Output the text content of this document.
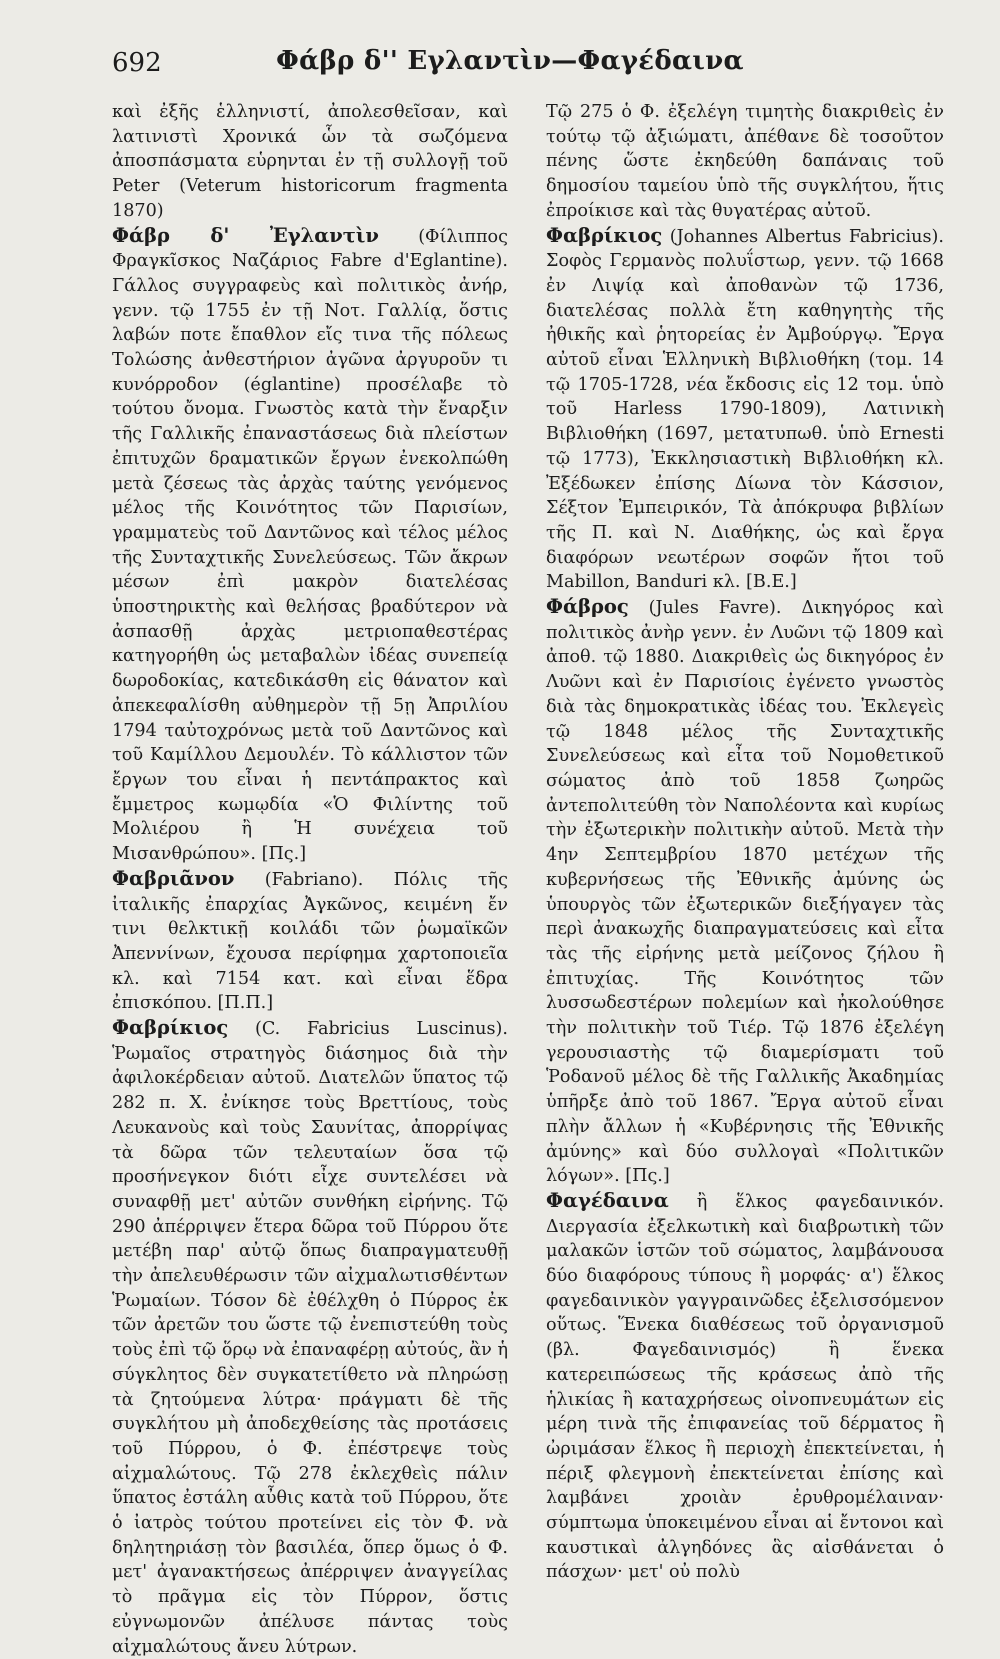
692	Φάβρ δ'' Εγλαντὶν—Φαγέδαινα

καὶ ἐξῆς ἑλληνιστί, ἀπολεσθεῖσαν, καὶ λατινιστὶ Χρονικά ὧν τὰ σωζόμενα ἀποσπάσματα εὑρηνται ἐν τῇ συλλογῇ τοῦ Peter (Veterum historicorum fragmenta 1870)

Φάβρ δ' Ἐγλαντὶν (Φίλιππος Φραγκῖσκος Ναζάριος Fabre d'Eglantine). Γάλλος συγγραφεὺς καὶ πολιτικὸς ἀνήρ, γενν. τῷ 1755 ἐν τῇ Νοτ. Γαλλίᾳ, ὅστις λαβών ποτε ἔπαθλον εἴς τινα τῆς πόλεως Τολώσης ἀνθεστήριον ἀγῶνα ἀργυροῦν τι κυνόρροδον (églantine) προσέλαβε τὸ τούτου ὄνομα. Γνωστὸς κατὰ τὴν ἔναρξιν τῆς Γαλλικῆς ἐπαναστάσεως διὰ πλείστων ἐπιτυχῶν δραματικῶν ἔργων ἐνεκολπώθη μετὰ ζέσεως τὰς ἀρχὰς ταύτης γενόμενος μέλος τῆς Κοινότητος τῶν Παρισίων, γραμματεὺς τοῦ Δαντῶνος καὶ τέλος μέλος τῆς Συνταχτικῆς Συνελεύσεως. Τῶν ἄκρων μέσων ἐπὶ μακρὸν διατελέσας ὑποστηρικτὴς καὶ θελήσας βραδύτερον νὰ ἀσπασθῇ ἀρχὰς μετριοπαθεστέρας κατηγορήθη ὡς μεταβαλὼν ἰδέας συνεπείᾳ δωροδοκίας, κατεδικάσθη εἰς θάνατον καὶ ἀπεκεφαλίσθη αὐθημερὸν τῇ 5ῃ Ἀπριλίου 1794 ταὐτοχρόνως μετὰ τοῦ Δαντῶνος καὶ τοῦ Καμίλλου Δεμουλέν. Τὸ κάλλιστον τῶν ἔργων του εἶναι ἡ πεντάπρακτος καὶ ἔμμετρος κωμῳδία «Ὁ Φιλίντης τοῦ Μολιέρου ἢ Ἡ συνέχεια τοῦ Μισανθρώπου». [Πς.]

Φαβριᾶνον (Fabriano). Πόλις τῆς ἰταλικῆς ἐπαρχίας Ἀγκῶνος, κειμένη ἔν τινι θελκτικῇ κοιλάδι τῶν ῥωμαϊκῶν Ἀπεννίνων, ἔχουσα περίφημα χαρτοποιεῖα κλ. καὶ 7154 κατ. καὶ εἶναι ἕδρα ἐπισκόπου. [Π.Π.]

Φαβρίκιος (C. Fabricius Luscinus). Ῥωμαῖος στρατηγὸς διάσημος διὰ τὴν ἀφιλοκέρδειαν αὐτοῦ. Διατελῶν ὕπατος τῷ 282 π. Χ. ἐνίκησε τοὺς Βρεττίους, τοὺς Λευκανοὺς καὶ τοὺς Σαυνίτας, ἀπορρίψας τὰ δῶρα τῶν τελευταίων ὅσα τῷ προσήνεγκον διότι εἶχε συντελέσει νὰ συναφθῇ μετ' αὐτῶν συνθήκη εἰρήνης. Τῷ 290 ἀπέρριψεν ἕτερα δῶρα τοῦ Πύρρου ὅτε μετέβη παρ' αὐτῷ ὅπως διαπραγματευθῇ τὴν ἀπελευθέρωσιν τῶν αἰχμαλωτισθέντων Ῥωμαίων. Τόσον δὲ ἐθέλχθη ὁ Πύρρος ἐκ τῶν ἀρετῶν του ὥστε τῷ ἐνεπιστεύθη τοὺς τοὺς ἐπὶ τῷ ὅρῳ νὰ ἐπαναφέρῃ αὐτούς, ἂν ἡ σύγκλητος δὲν συγκατετίθετο νὰ πληρώσῃ τὰ ζητούμενα λύτρα· πράγματι δὲ τῆς συγκλήτου μὴ ἀποδεχθείσης τὰς προτάσεις τοῦ Πύρρου, ὁ Φ. ἐπέστρεψε τοὺς αἰχμαλώτους. Τῷ 278 ἐκλεχθεὶς πάλιν ὕπατος ἐστάλη αὖθις κατὰ τοῦ Πύρρου, ὅτε ὁ ἰατρὸς τούτου προτείνει εἰς τὸν Φ. νὰ δηλητηριάσῃ τὸν βασιλέα, ὅπερ ὅμως ὁ Φ. μετ' ἀγανακτήσεως ἀπέρριψεν ἀναγγείλας τὸ πρᾶγμα εἰς τὸν Πύρρον, ὅστις εὐγνωμονῶν ἀπέλυσε πάντας τοὺς αἰχμαλώτους ἄνευ λύτρων.

Τῷ 275 ὁ Φ. ἐξελέγη τιμητὴς διακριθεὶς ἐν τούτῳ τῷ ἀξιώματι, ἀπέθανε δὲ τοσοῦτον πένης ὥστε ἐκηδεύθη δαπάναις τοῦ δημοσίου ταμείου ὑπὸ τῆς συγκλήτου, ἥτις ἐπροίκισε καὶ τὰς θυγατέρας αὐτοῦ.

Φαβρίκιος (Johannes Albertus Fabricius). Σοφὸς Γερμανὸς πολυΐστωρ, γενν. τῷ 1668 ἐν Λιψίᾳ καὶ ἀποθανὼν τῷ 1736, διατελέσας πολλὰ ἔτη καθηγητὴς τῆς ἠθικῆς καὶ ῥητορείας ἐν Ἀμβούργῳ. Ἔργα αὐτοῦ εἶναι Ἑλληνικὴ Βιβλιοθήκη (τομ. 14 τῷ 1705-1728, νέα ἔκδοσις εἰς 12 τομ. ὑπὸ τοῦ Harless 1790-1809), Λατινικὴ Βιβλιοθήκη (1697, μετατυπωθ. ὑπὸ Ernesti τῷ 1773), Ἐκκλησιαστικὴ Βιβλιοθήκη κλ. Ἐξέδωκεν ἐπίσης Δίωνα τὸν Κάσσιον, Σέξτον Ἐμπειρικόν, Τὰ ἀπόκρυφα βιβλίων τῆς Π. καὶ Ν. Διαθήκης, ὡς καὶ ἔργα διαφόρων νεωτέρων σοφῶν ἤτοι τοῦ Mabillon, Banduri κλ. [Β.Ε.]

Φάβρος (Jules Favre). Δικηγόρος καὶ πολιτικὸς ἀνὴρ γενν. ἐν Λυῶνι τῷ 1809 καὶ ἀποθ. τῷ 1880. Διακριθεὶς ὡς δικηγόρος ἐν Λυῶνι καὶ ἐν Παρισίοις ἐγένετο γνωστὸς διὰ τὰς δημοκρατικὰς ἰδέας του. Ἐκλεγεὶς τῷ 1848 μέλος τῆς Συνταχτικῆς Συνελεύσεως καὶ εἶτα τοῦ Νομοθετικοῦ σώματος ἀπὸ τοῦ 1858 ζωηρῶς ἀντεπολιτεύθη τὸν Ναπολέοντα καὶ κυρίως τὴν ἐξωτερικὴν πολιτικὴν αὐτοῦ. Μετὰ τὴν 4ην Σεπτεμβρίου 1870 μετέχων τῆς κυβερνήσεως τῆς Ἐθνικῆς ἀμύνης ὡς ὑπουργὸς τῶν ἐξωτερικῶν διεξήγαγεν τὰς περὶ ἀνακωχῆς διαπραγματεύσεις καὶ εἶτα τὰς τῆς εἰρήνης μετὰ μείζονος ζήλου ἢ ἐπιτυχίας. Τῆς Κοινότητος τῶν λυσσωδεστέρων πολεμίων καὶ ἠκολούθησε τὴν πολιτικὴν τοῦ Τιέρ. Τῷ 1876 ἐξελέγη γερουσιαστὴς τῷ διαμερίσματι τοῦ Ῥοδανοῦ μέλος δὲ τῆς Γαλλικῆς Ἀκαδημίας ὑπῆρξε ἀπὸ τοῦ 1867. Ἔργα αὐτοῦ εἶναι πλὴν ἄλλων ἡ «Κυβέρνησις τῆς Ἐθνικῆς ἀμύνης» καὶ δύο συλλογαὶ «Πολιτικῶν λόγων». [Πς.]

Φαγέδαινα ἢ ἕλκος φαγεδαινικόν. Διεργασία ἐξελκωτικὴ καὶ διαβρωτικὴ τῶν μαλακῶν ἱστῶν τοῦ σώματος, λαμβάνουσα δύο διαφόρους τύπους ἢ μορφάς· α') ἕλκος φαγεδαινικὸν γαγγραινῶδες ἐξελισσόμενον οὕτως. Ἕνεκα διαθέσεως τοῦ ὀργανισμοῦ (βλ. Φαγεδαινισμός) ἢ ἕνεκα κατερειπώσεως τῆς κράσεως ἀπὸ τῆς ἡλικίας ἢ καταχρήσεως οἰνοπνευμάτων εἰς μέρη τινὰ τῆς ἐπιφανείας τοῦ δέρματος ἢ ὠριμάσαν ἕλκος ἢ περιοχὴ ἐπεκτείνεται, ἡ πέριξ φλεγμονὴ ἐπεκτείνεται ἐπίσης καὶ λαμβάνει χροιὰν ἐρυθρομέλαιναν· σύμπτωμα ὑποκειμένου εἶναι αἱ ἔντονοι καὶ καυστικαὶ ἀλγηδόνες ἃς αἰσθάνεται ὁ πάσχων· μετ' οὐ πολὺ
